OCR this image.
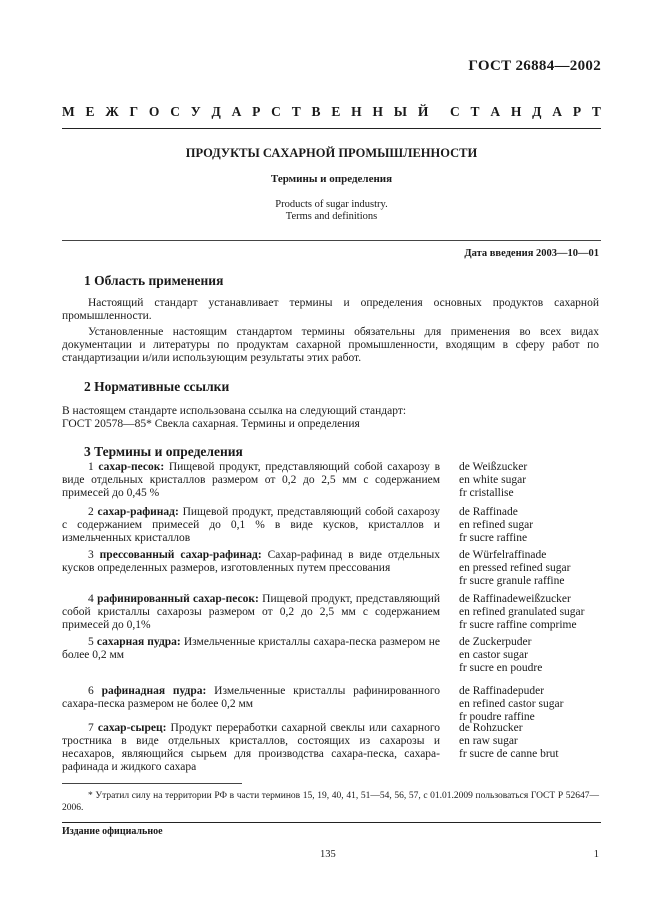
ГОСТ 26884—2002
М Е Ж Г О С У Д А Р С Т В Е Н Н Ы Й С Т А Н Д А Р Т
ПРОДУКТЫ САХАРНОЙ ПРОМЫШЛЕННОСТИ
Термины и определения
Products of sugar industry.
Terms and definitions
Дата введения 2003—10—01
1 Область применения
Настоящий стандарт устанавливает термины и определения основных продуктов сахарной промышленности.
Установленные настоящим стандартом термины обязательны для применения во всех видах документации и литературы по продуктам сахарной промышленности, входящим в сферу работ по стандартизации и/или использующим результаты этих работ.
2 Нормативные ссылки
В настоящем стандарте использована ссылка на следующий стандарт:
ГОСТ 20578—85* Свекла сахарная. Термины и определения
3 Термины и определения
1 сахар-песок: Пищевой продукт, представляющий собой сахарозу в виде отдельных кристаллов размером от 0,2 до 2,5 мм с содержанием примесей до 0,45 %
de Weißzucker
en white sugar
fr cristallise
2 сахар-рафинад: Пищевой продукт, представляющий собой сахарозу с содержанием примесей до 0,1 % в виде кусков, кристаллов и измельченных кристаллов
de Raffinade
en refined sugar
fr sucre raffine
3 прессованный сахар-рафинад: Сахар-рафинад в виде отдельных кусков определенных размеров, изготовленных путем прессования
de Würfelraffinade
en pressed refined sugar
fr sucre granule raffine
4 рафинированный сахар-песок: Пищевой продукт, представляющий собой кристаллы сахарозы размером от 0,2 до 2,5 мм с содержанием примесей до 0,1%
de Raffinadeweißzucker
en refined granulated sugar
fr sucre raffine comprime
5 сахарная пудра: Измельченные кристаллы сахара-песка размером не более 0,2 мм
de Zuckerpuder
en castor sugar
fr sucre en poudre
6 рафинадная пудра: Измельченные кристаллы рафинированного сахара-песка размером не более 0,2 мм
de Raffinadepuder
en refined castor sugar
fr poudre raffine
7 сахар-сырец: Продукт переработки сахарной свеклы или сахарного тростника в виде отдельных кристаллов, состоящих из сахарозы и несахаров, являющийся сырьем для производства сахара-песка, сахара-рафинада и жидкого сахара
de Rohzucker
en raw sugar
fr sucre de canne brut
* Утратил силу на территории РФ в части терминов 15, 19, 40, 41, 51—54, 56, 57, с 01.01.2009 пользоваться ГОСТ Р 52647—2006.
Издание официальное
135	1
